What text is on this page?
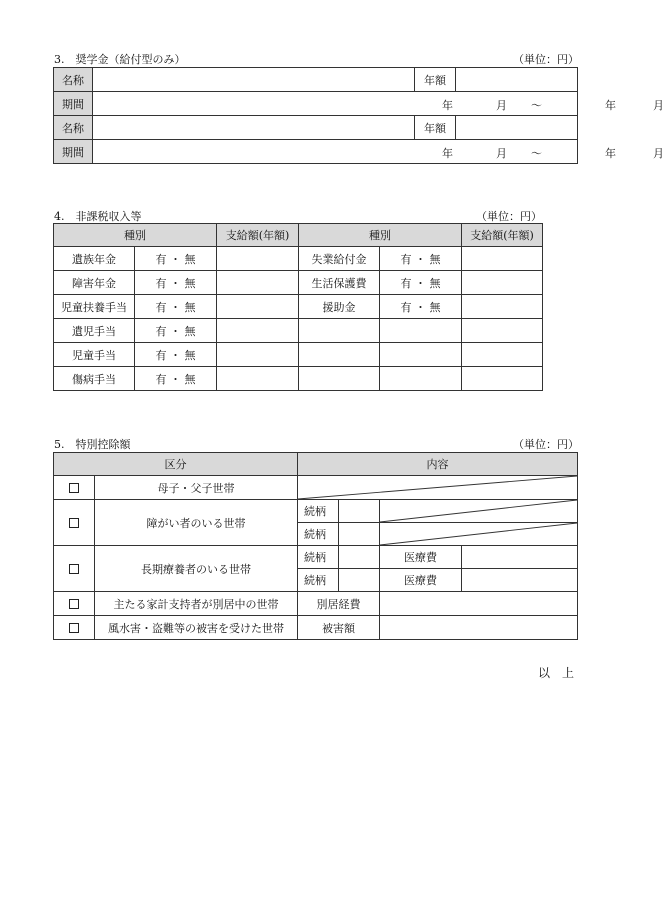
3.　奨学金（給付型のみ）	（単位：円）
名称		年額	
期間	年 月 〜 年 月		

名称		年額	
期間	年 月 〜 年 月		
4.　非課税収入等	（単位：円）
種別		支給額(年額)	種別		支給額(年額)
遺族年金	有 ・ 無		失業給付金	有 ・ 無	
障害年金	有 ・ 無		生活保護費	有 ・ 無	
児童扶養手当	有 ・ 無		援助金	有 ・ 無	
遺児手当	有 ・ 無				
児童手当	有 ・ 無				
傷病手当	有 ・ 無				
5.　特別控除額	（単位：円）
区分		内容			
	母子・父子世帯	

	障がい者のいる世帯	続柄		

		続柄		

	長期療養者のいる世帯	続柄		医療費	
		続柄		医療費	
	主たる家計支持者が別居中の世帯	別居経費			
	風水害・盗難等の被害を受けた世帯	被害額			
以　上
